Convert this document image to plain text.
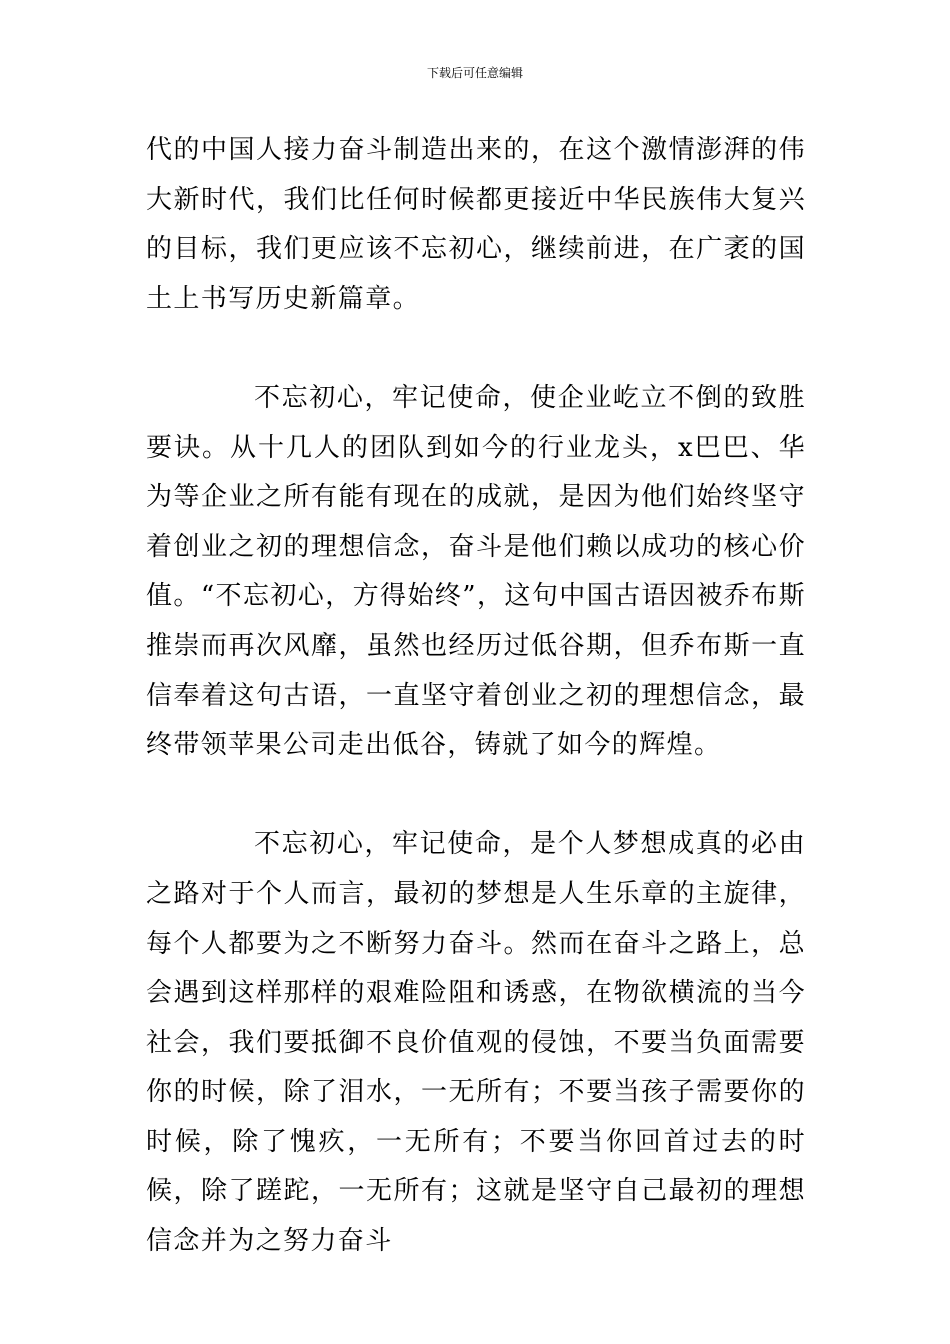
下载后可任意编辑

代的中国人接力奋斗制造出来的，在这个激情澎湃的伟大新时代，我们比任何时候都更接近中华民族伟大复兴的目标，我们更应该不忘初心，继续前进，在广袤的国土上书写历史新篇章。

不忘初心，牢记使命，使企业屹立不倒的致胜要诀。从十几人的团队到如今的行业龙头，x巴巴、华为等企业之所有能有现在的成就，是因为他们始终坚守着创业之初的理想信念，奋斗是他们赖以成功的核心价值。“不忘初心，方得始终”，这句中国古语因被乔布斯推崇而再次风靡，虽然也经历过低谷期，但乔布斯一直信奉着这句古语，一直坚守着创业之初的理想信念，最终带领苹果公司走出低谷，铸就了如今的辉煌。

不忘初心，牢记使命，是个人梦想成真的必由之路对于个人而言，最初的梦想是人生乐章的主旋律，每个人都要为之不断努力奋斗。然而在奋斗之路上，总会遇到这样那样的艰难险阻和诱惑，在物欲横流的当今社会，我们要抵御不良价值观的侵蚀，不要当负面需要你的时候，除了泪水，一无所有；不要当孩子需要你的时候，除了愧疚，一无所有；不要当你回首过去的时候，除了蹉跎，一无所有；这就是坚守自己最初的理想信念并为之努力奋斗
